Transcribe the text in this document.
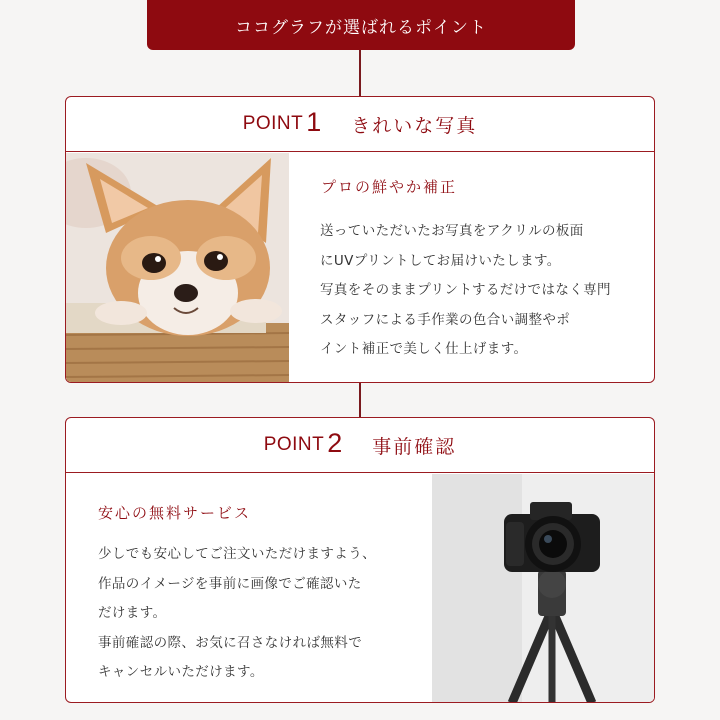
ココグラフが選ばれるポイント
POINT 1 きれいな写真
プロの鮮やか補正
送っていただいたお写真をアクリルの板面
にUVプリントしてお届けいたします。
写真をそのままプリントするだけではなく専門
スタッフによる手作業の色合い調整やポ
イント補正で美しく仕上げます。
POINT 2 事前確認
安心の無料サービス
少しでも安心してご注文いただけますよう、
作品のイメージを事前に画像でご確認いた
だけます。
事前確認の際、お気に召さなければ無料で
キャンセルいただけます。
